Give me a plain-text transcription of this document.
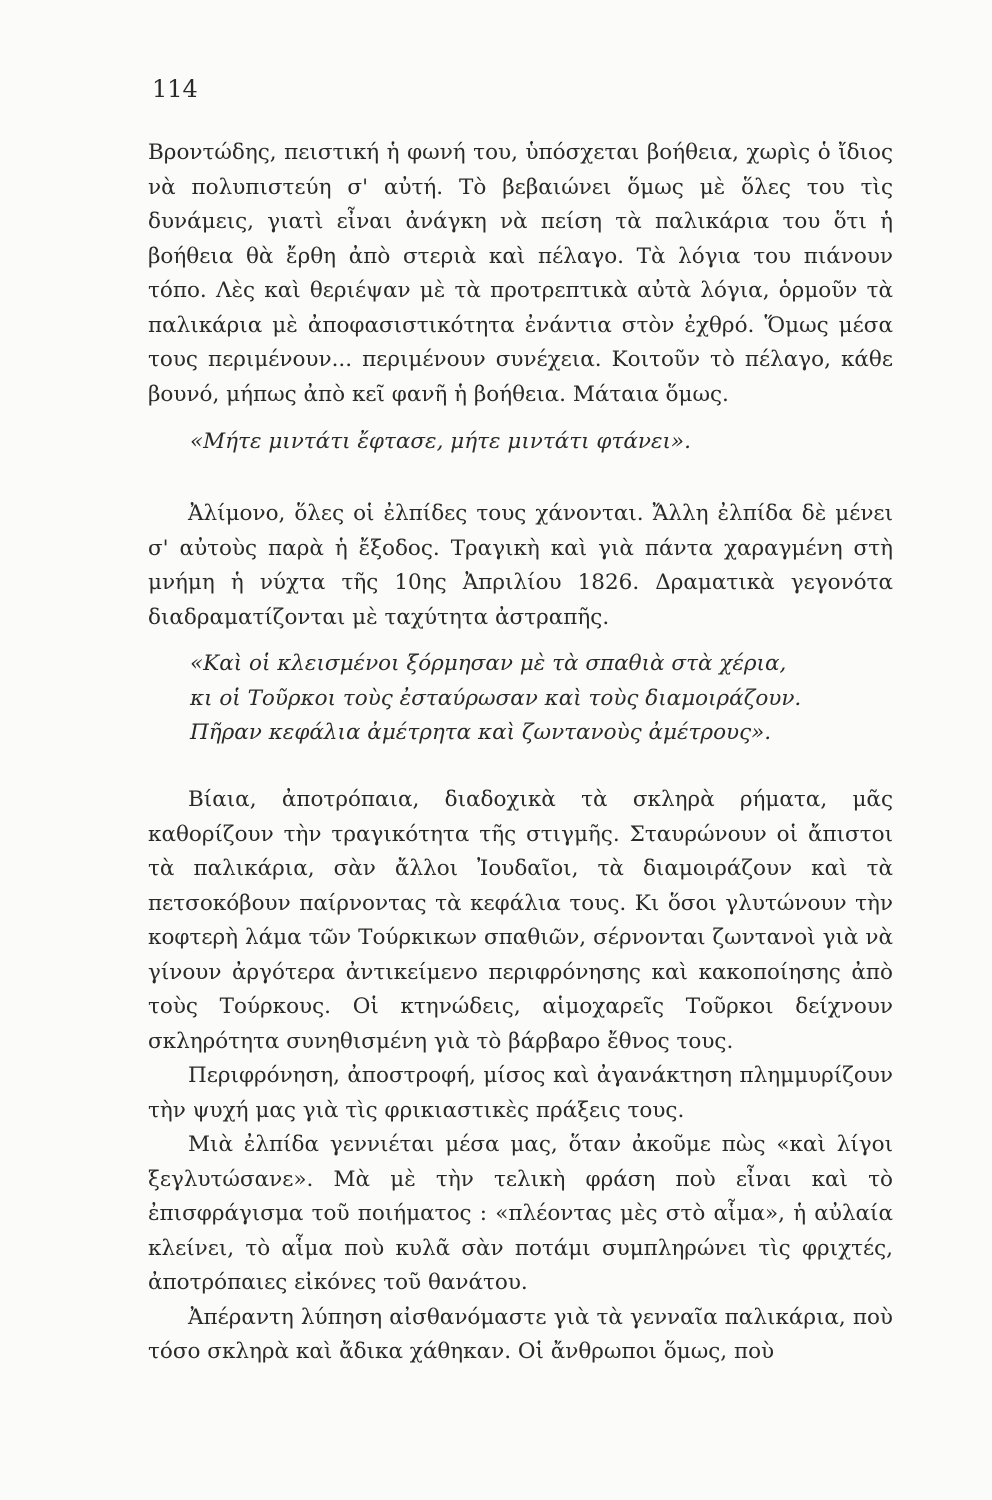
114

Βροντώδης, πειστική ἡ φωνή του, ὑπόσχεται βοήθεια, χωρὶς ὁ ἴδιος νὰ πολυπιστεύη σ' αὐτή. Τὸ βεβαιώνει ὅμως μὲ ὅλες του τὶς δυνάμεις, γιατὶ εἶναι ἀνάγκη νὰ πείση τὰ παλικάρια του ὅτι ἡ βοήθεια θὰ ἔρθη ἀπὸ στεριὰ καὶ πέλαγο. Τὰ λόγια του πιάνουν τόπο. Λὲς καὶ θεριέψαν μὲ τὰ προτρεπτικὰ αὐτὰ λόγια, ὁρμοῦν τὰ παλικάρια μὲ ἀποφασιστικότητα ἐνάντια στὸν ἐχθρό. Ὅμως μέσα τους περιμένουν... περιμένουν συνέχεια. Κοιτοῦν τὸ πέλαγο, κάθε βουνό, μήπως ἀπὸ κεῖ φανῆ ἡ βοήθεια. Μάταια ὅμως.

«Μήτε μιντάτι ἔφτασε, μήτε μιντάτι φτάνει».

Ἀλίμονο, ὅλες οἱ ἐλπίδες τους χάνονται. Ἄλλη ἐλπίδα δὲ μένει σ' αὐτοὺς παρὰ ἡ ἔξοδος. Τραγικὴ καὶ γιὰ πάντα χαραγμένη στὴ μνήμη ἡ νύχτα τῆς 10ης Ἀπριλίου 1826. Δραματικὰ γεγονότα διαδραματίζονται μὲ ταχύτητα ἀστραπῆς.

«Καὶ οἱ κλεισμένοι ξόρμησαν μὲ τὰ σπαθιὰ στὰ χέρια,
κι οἱ Τοῦρκοι τοὺς ἐσταύρωσαν καὶ τοὺς διαμοιράζουν.
Πῆραν κεφάλια ἀμέτρητα καὶ ζωντανοὺς ἀμέτρους».

Βίαια, ἀποτρόπαια, διαδοχικὰ τὰ σκληρὰ ρήματα, μᾶς καθορίζουν τὴν τραγικότητα τῆς στιγμῆς. Σταυρώνουν οἱ ἄπιστοι τὰ παλικάρια, σὰν ἄλλοι Ἰουδαῖοι, τὰ διαμοιράζουν καὶ τὰ πετσοκόβουν παίρνοντας τὰ κεφάλια τους. Κι ὅσοι γλυτώνουν τὴν κοφτερὴ λάμα τῶν Τούρκικων σπαθιῶν, σέρνονται ζωντανοὶ γιὰ νὰ γίνουν ἀργότερα ἀντικείμενο περιφρόνησης καὶ κακοποίησης ἀπὸ τοὺς Τούρκους. Οἱ κτηνώδεις, αἱμοχαρεῖς Τοῦρκοι δείχνουν σκληρότητα συνηθισμένη γιὰ τὸ βάρβαρο ἔθνος τους.

Περιφρόνηση, ἀποστροφή, μίσος καὶ ἀγανάκτηση πλημμυρίζουν τὴν ψυχή μας γιὰ τὶς φρικιαστικὲς πράξεις τους.

Μιὰ ἐλπίδα γεννιέται μέσα μας, ὅταν ἀκοῦμε πὼς «καὶ λίγοι ξεγλυτώσανε». Μὰ μὲ τὴν τελικὴ φράση ποὺ εἶναι καὶ τὸ ἐπισφράγισμα τοῦ ποιήματος : «πλέοντας μὲς στὸ αἷμα», ἡ αὐλαία κλείνει, τὸ αἷμα ποὺ κυλᾶ σὰν ποτάμι συμπληρώνει τὶς φριχτές, ἀποτρόπαιες εἰκόνες τοῦ θανάτου.

Ἀπέραντη λύπηση αἰσθανόμαστε γιὰ τὰ γενναῖα παλικάρια, ποὺ τόσο σκληρὰ καὶ ἄδικα χάθηκαν. Οἱ ἄνθρωποι ὅμως, ποὺ
